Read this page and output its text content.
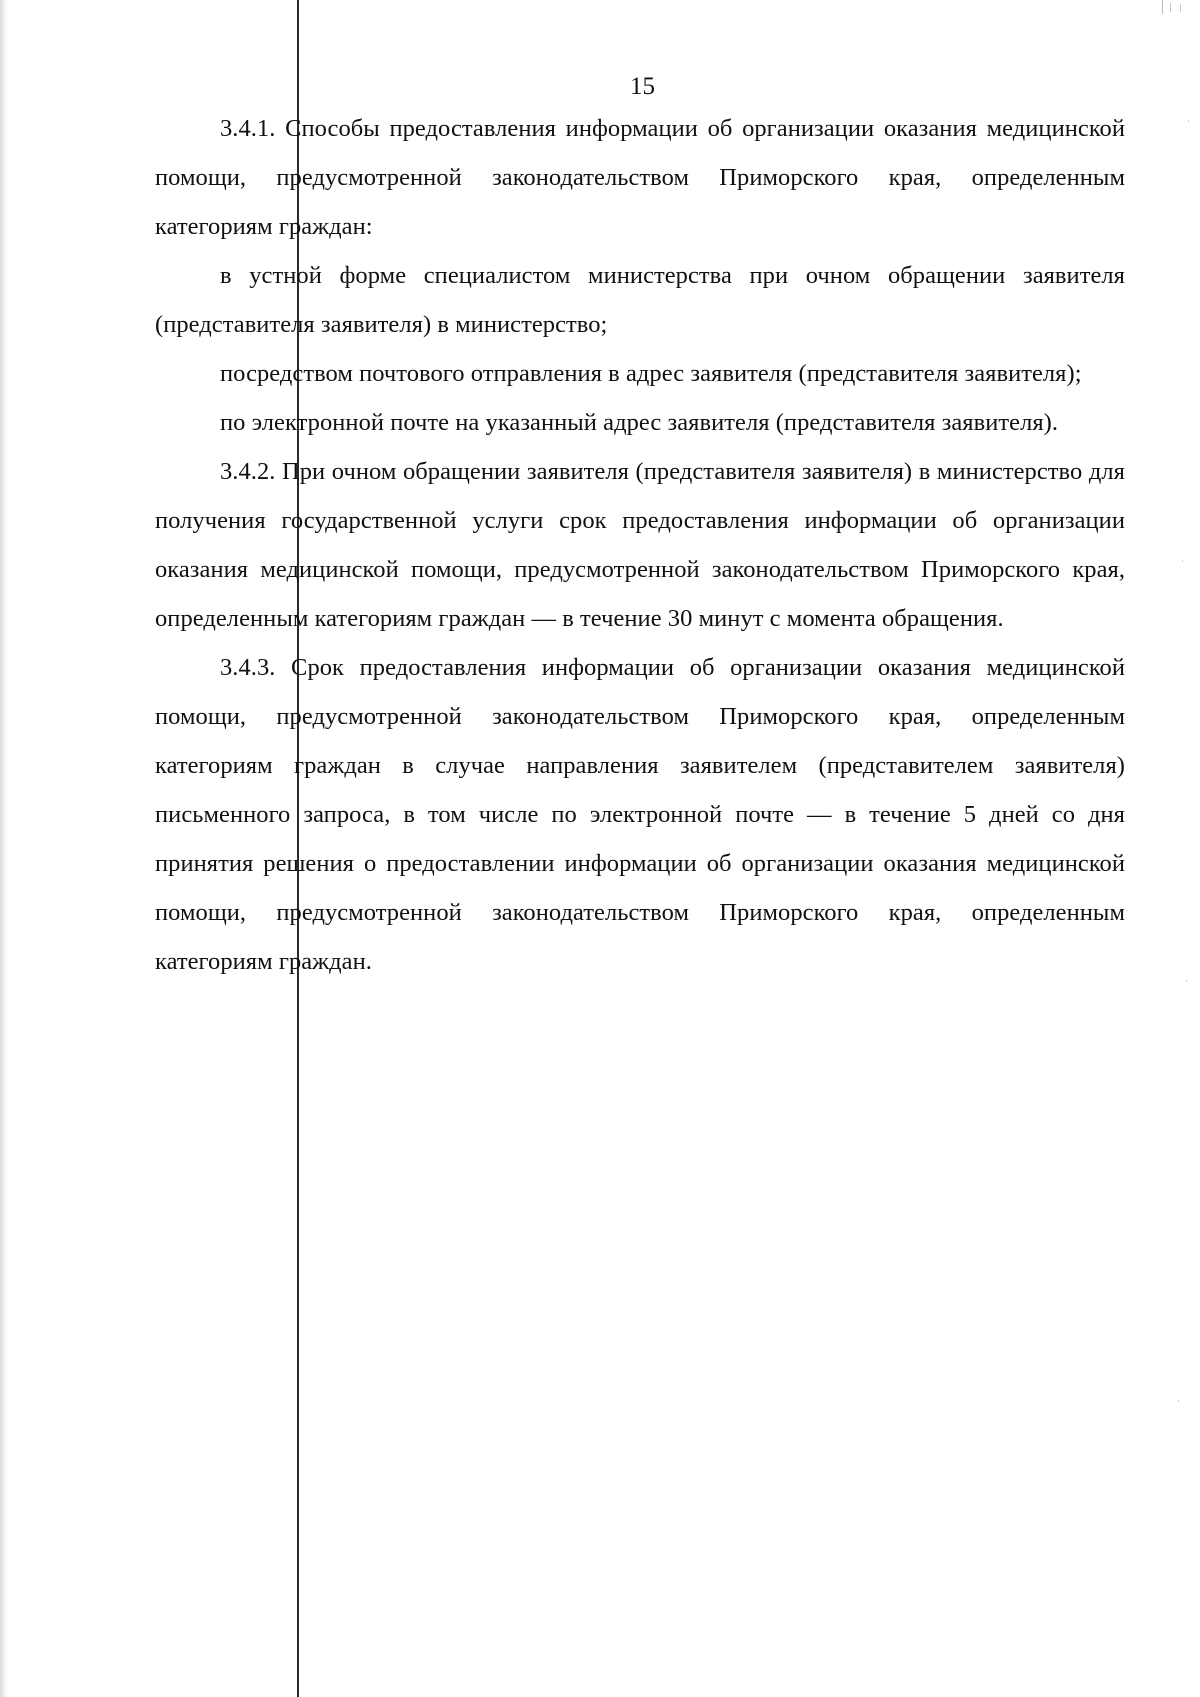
15

3.4.1. Способы предоставления информации об организации оказания медицинской помощи, предусмотренной законодательством Приморского края, определенным категориям граждан:

в устной форме специалистом министерства при очном обращении заявителя (представителя заявителя) в министерство;

посредством почтового отправления в адрес заявителя (представителя заявителя);

по электронной почте на указанный адрес заявителя (представителя заявителя).

3.4.2. При очном обращении заявителя (представителя заявителя) в министерство для получения государственной услуги срок предоставления информации об организации оказания медицинской помощи, предусмотренной законодательством Приморского края, определенным категориям граждан — в течение 30 минут с момента обращения.

3.4.3. Срок предоставления информации об организации оказания медицинской помощи, предусмотренной законодательством Приморского края, определенным категориям граждан в случае направления заявителем (представителем заявителя) письменного запроса, в том числе по электронной почте — в течение 5 дней со дня принятия решения о предоставлении информации об организации оказания медицинской помощи, предусмотренной законодательством Приморского края, определенным категориям граждан.
